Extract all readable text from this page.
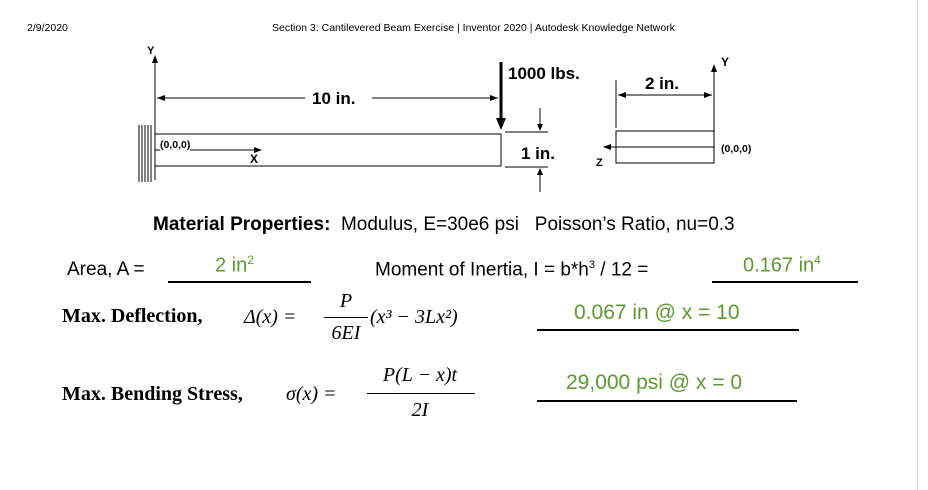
2/9/2020	Section 3: Cantilevered Beam Exercise | Inventor 2020 | Autodesk Knowledge Network
Y
(0,0,0)
X
10 in.
1000 lbs.
1 in.
2 in.
Y
Z
(0,0,0)
Material Properties: Modulus, E=30e6 psi Poisson’s Ratio, nu=0.3
Area, A =	2 $in^2$	Moment of Inertia, $I = b*h^3 / 12$ =	0.167 $in^4$
Max. Deflection, Δ(x) =
P
6EI
(x³ − 3Lx²)	0.067 in @ x = 10
Max. Bending Stress, σ(x) =
P(L − x)t
2I
29,000 psi @ x = 0
